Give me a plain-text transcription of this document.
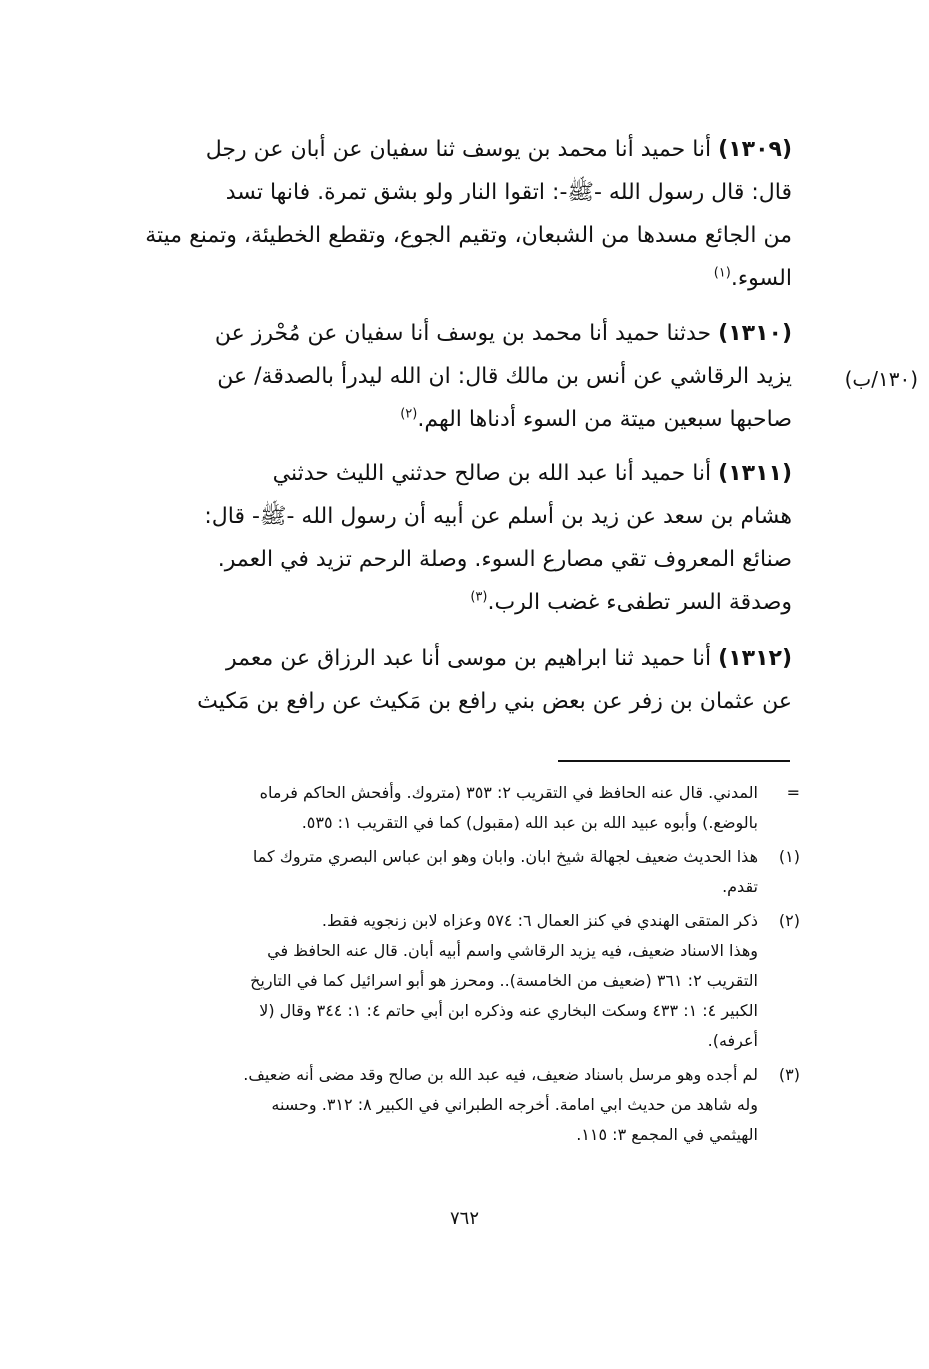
(١٣٠٩) أنا حميد أنا محمد بن يوسف ثنا سفيان عن أبان عن رجل

قال: قال رسول الله -ﷺ-: اتقوا النار ولو بشق تمرة. فانها تسد

من الجائع مسدها من الشبعان، وتقيم الجوع، وتقطع الخطيئة، وتمنع ميتة

السوء.$^{(١)}$

(١٣١٠) حدثنا حميد أنا محمد بن يوسف أنا سفيان عن مُحْرز عن

يزيد الرقاشي عن أنس بن مالك قال: ان الله ليدرأ بالصدقة/ عن

صاحبها سبعين ميتة من السوء أدناها الهم.$^{(٢)}$

(١٣٠/ب)

(١٣١١) أنا حميد أنا عبد الله بن صالح حدثني الليث حدثني

هشام بن سعد عن زيد بن أسلم عن أبيه أن رسول الله -ﷺ- قال:

صنائع المعروف تقي مصارع السوء. وصلة الرحم تزيد في العمر.

وصدقة السر تطفىء غضب الرب.$^{(٣)}$

(١٣١٢) أنا حميد ثنا ابراهيم بن موسى أنا عبد الرزاق عن معمر

عن عثمان بن زفر عن بعض بني رافع بن مَكيث عن رافع بن مَكيث

=

المدني. قال عنه الحافظ في التقريب ٢: ٣٥٣ (متروك. وأفحش الحاكم فرماه

بالوضع.) وأبوه عبيد الله بن عبد الله (مقبول) كما في التقريب ١: ٥٣٥.

(١)

هذا الحديث ضعيف لجهالة شيخ ابان. وابان وهو ابن عباس البصري متروك كما

تقدم.

(٢)

ذكر المتقى الهندي في كنز العمال ٦: ٥٧٤ وعزاه لابن زنجويه فقط.

وهذا الاسناد ضعيف، فيه يزيد الرقاشي واسم أبيه أبان. قال عنه الحافظ في

التقريب ٢: ٣٦١ (ضعيف من الخامسة).. ومحرز هو أبو اسرائيل كما في التاريخ

الكبير ٤: ١: ٤٣٣ وسكت البخاري عنه وذكره ابن أبي حاتم ٤: ١: ٣٤٤ وقال (لا

أعرفه).

(٣)

لم أجده وهو مرسل باسناد ضعيف، فيه عبد الله بن صالح وقد مضى أنه ضعيف.

وله شاهد من حديث ابي امامة. أخرجه الطبراني في الكبير ٨: ٣١٢. وحسنه

الهيثمي في المجمع ٣: ١١٥.

٧٦٢
